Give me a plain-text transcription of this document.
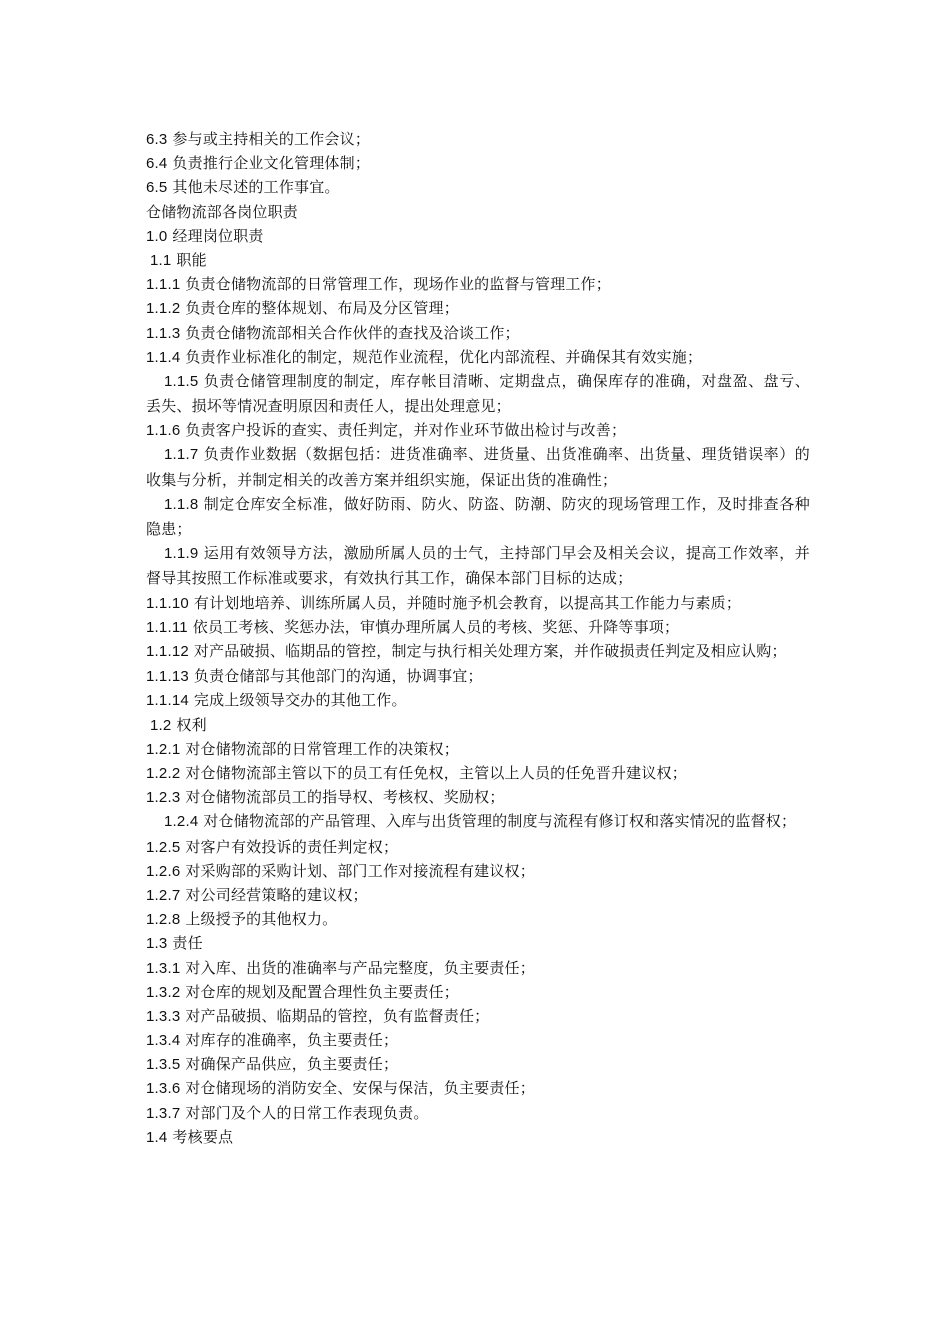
6.3 参与或主持相关的工作会议；
6.4 负责推行企业文化管理体制；
6.5 其他未尽述的工作事宜。
仓储物流部各岗位职责
1.0 经理岗位职责
1.1 职能
1.1.1 负责仓储物流部的日常管理工作，现场作业的监督与管理工作；
1.1.2 负责仓库的整体规划、布局及分区管理；
1.1.3 负责仓储物流部相关合作伙伴的查找及洽谈工作；
1.1.4 负责作业标准化的制定，规范作业流程，优化内部流程、并确保其有效实施；
1.1.5 负责仓储管理制度的制定，库存帐目清晰、定期盘点，确保库存的准确，对盘盈、盘亏、丢失、损坏等情况查明原因和责任人，提出处理意见；
1.1.6 负责客户投诉的查实、责任判定，并对作业环节做出检讨与改善；
1.1.7 负责作业数据（数据包括：进货准确率、进货量、出货准确率、出货量、理货错误率）的收集与分析，并制定相关的改善方案并组织实施，保证出货的准确性；
1.1.8 制定仓库安全标准，做好防雨、防火、防盗、防潮、防灾的现场管理工作，及时排查各种隐患；
1.1.9 运用有效领导方法，激励所属人员的士气，主持部门早会及相关会议，提高工作效率，并督导其按照工作标准或要求，有效执行其工作，确保本部门目标的达成；
1.1.10 有计划地培养、训练所属人员，并随时施予机会教育，以提高其工作能力与素质；
1.1.11 依员工考核、奖惩办法，审慎办理所属人员的考核、奖惩、升降等事项；
1.1.12 对产品破损、临期品的管控，制定与执行相关处理方案，并作破损责任判定及相应认购；
1.1.13 负责仓储部与其他部门的沟通，协调事宜；
1.1.14 完成上级领导交办的其他工作。
1.2 权利
1.2.1 对仓储物流部的日常管理工作的决策权；
1.2.2 对仓储物流部主管以下的员工有任免权，主管以上人员的任免晋升建议权；
1.2.3 对仓储物流部员工的指导权、考核权、奖励权；
1.2.4 对仓储物流部的产品管理、入库与出货管理的制度与流程有修订权和落实情况的监督权；
1.2.5 对客户有效投诉的责任判定权；
1.2.6 对采购部的采购计划、部门工作对接流程有建议权；
1.2.7 对公司经营策略的建议权；
1.2.8 上级授予的其他权力。
1.3 责任
1.3.1 对入库、出货的准确率与产品完整度，负主要责任；
1.3.2 对仓库的规划及配置合理性负主要责任；
1.3.3 对产品破损、临期品的管控，负有监督责任；
1.3.4 对库存的准确率，负主要责任；
1.3.5 对确保产品供应，负主要责任；
1.3.6 对仓储现场的消防安全、安保与保洁，负主要责任；
1.3.7 对部门及个人的日常工作表现负责。
1.4 考核要点
